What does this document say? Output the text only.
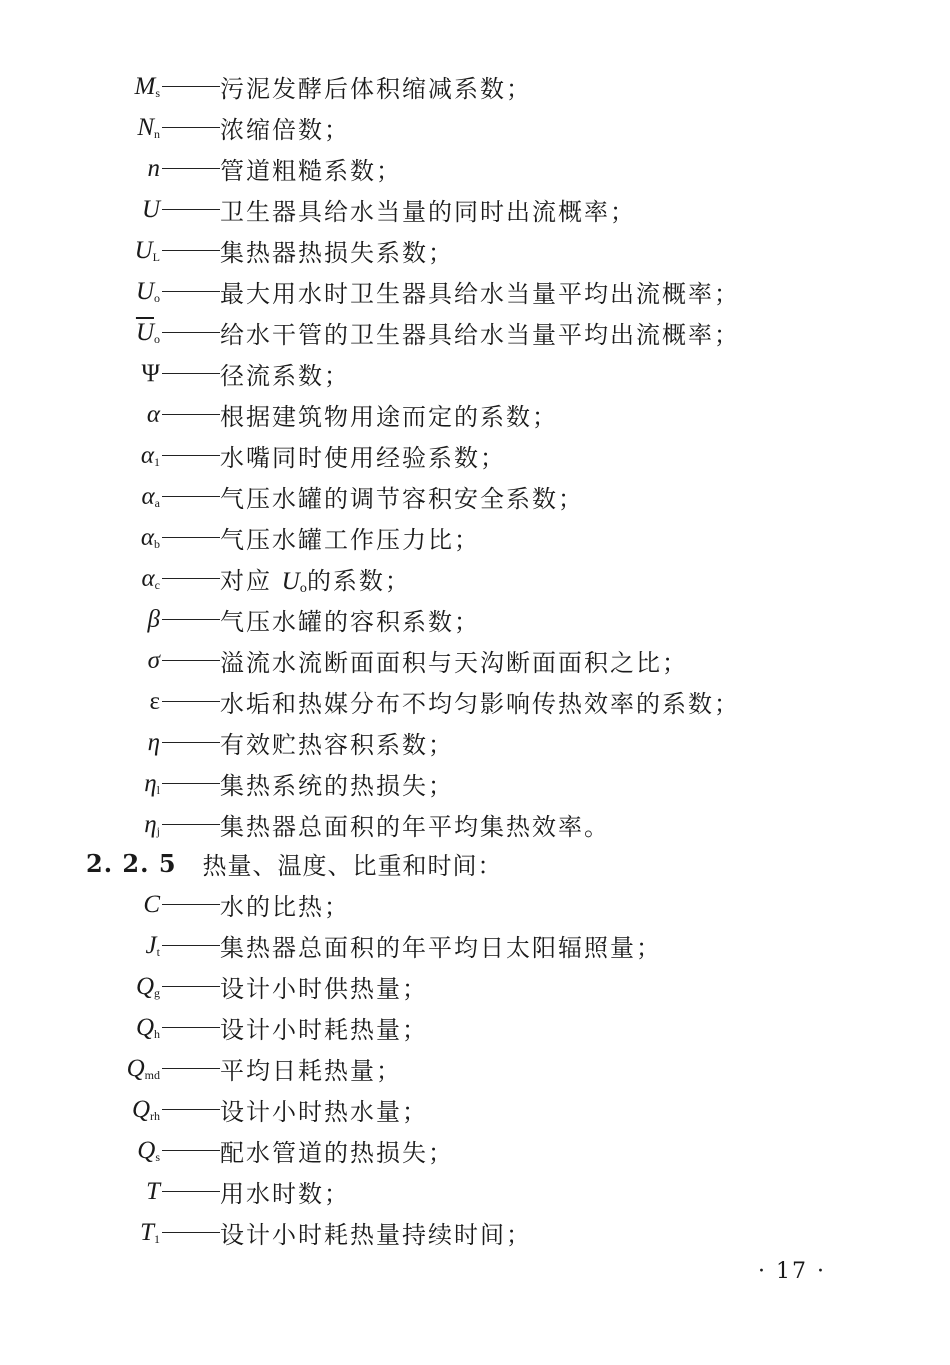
$M_s$	污泥发酵后体积缩减系数；
$N_n$	浓缩倍数；
n	管道粗糙系数；
U	卫生器具给水当量的同时出流概率；
$U_L$	集热器热损失系数；
$U_o$	最大用水时卫生器具给水当量平均出流概率；
$\overline{U}_o$	给水干管的卫生器具给水当量平均出流概率；
Ψ	径流系数；
α	根据建筑物用途而定的系数；
$\alpha_1$	水嘴同时使用经验系数；
$\alpha_a$	气压水罐的调节容积安全系数；
$\alpha_b$	气压水罐工作压力比；
$\alpha_c$	对应 $U_o$的系数；
β	气压水罐的容积系数；
σ	溢流水流断面面积与天沟断面面积之比；
ε	水垢和热媒分布不均匀影响传热效率的系数；
η	有效贮热容积系数；
$\eta_l$	集热系统的热损失；
$\eta_j$	集热器总面积的年平均集热效率。
2. 2. 5 热量、温度、比重和时间：
C	水的比热；
$J_t$	集热器总面积的年平均日太阳辐照量；
$Q_g$	设计小时供热量；
$Q_h$	设计小时耗热量；
$Q_{md}$	平均日耗热量；
$Q_{rh}$	设计小时热水量；
$Q_s$	配水管道的热损失；
T	用水时数；
$T_1$	设计小时耗热量持续时间；
· 17 ·
